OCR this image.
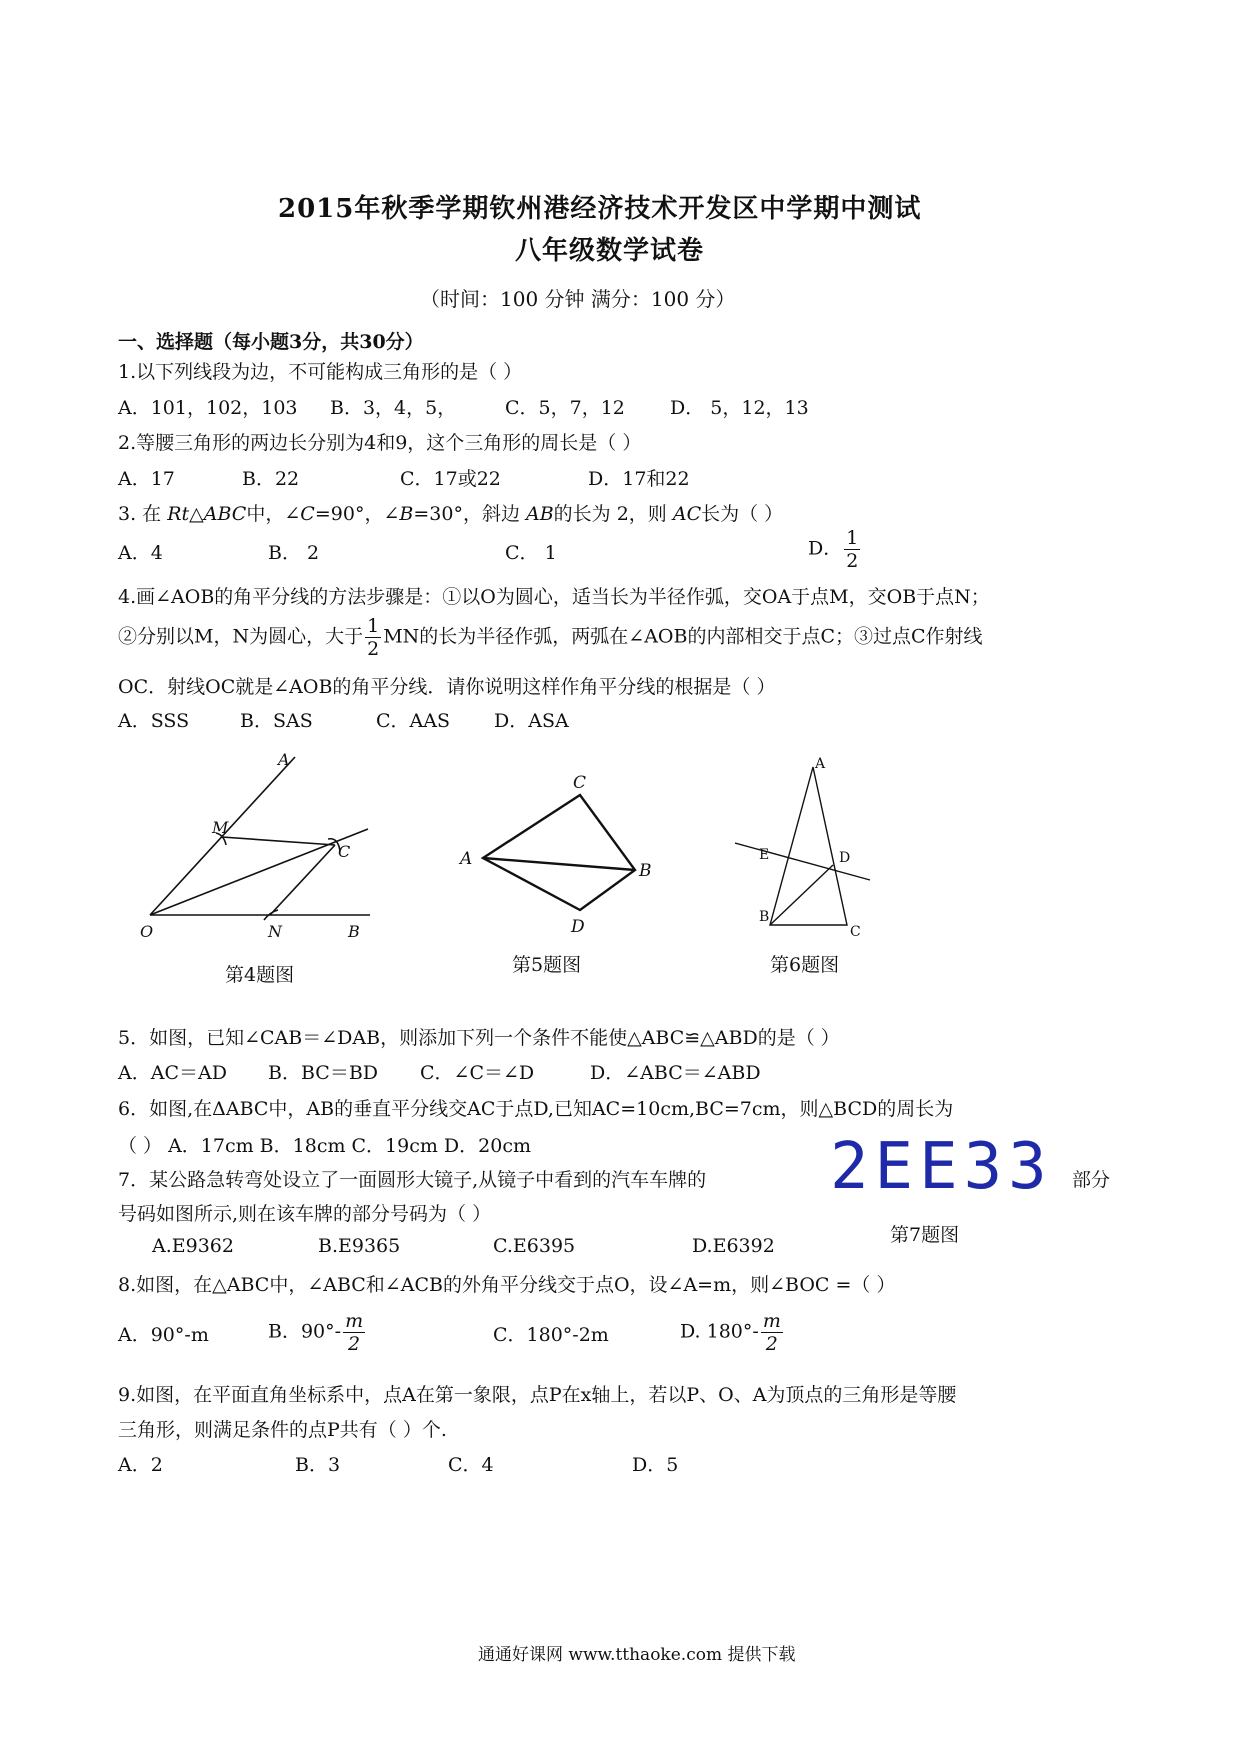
2015年秋季学期钦州港经济技术开发区中学期中测试
八年级数学试卷
（时间：100 分钟 满分：100 分）
一、选择题（每小题3分，共30分）
1.以下列线段为边，不可能构成三角形的是（ ）
A．101，102，103 B．3，4，5，	C．5，7，12 D． 5，12，13
2.等腰三角形的两边长分别为4和9，这个三角形的周长是（ ）
A．17	B．22	C．17或22	D．17和22
3. 在 Rt△ABC中，∠C=90°，∠B=30°，斜边 AB的长为 2，则 AC长为（ ）
A．4	B． 2	C． 1	D． $\frac{1}{2}$
4.画∠AOB的角平分线的方法步骤是：①以O为圆心，适当长为半径作弧，交OA于点M，交OB于点N；
②分别以M，N为圆心，大于 $\frac{1}{2}$ MN的长为半径作弧，两弧在∠AOB的内部相交于点C；③过点C作射线
OC．射线OC就是∠AOB的角平分线．请你说明这样作角平分线的根据是（ ）
A．SSS	B．SAS	C．AAS D．ASA
A
M
C
O	N	B
第4题图
A
C
B
D
第5题图
A
B
C
D
E
第6题图
5．如图，已知∠CAB＝∠DAB，则添加下列一个条件不能使△ABC≌△ABD的是（ ）
A．AC＝AD B．BC＝BD C．∠C＝∠D	D．∠ABC＝∠ABD
6．如图,在ΔABC中，AB的垂直平分线交AC于点D,已知AC=10cm,BC=7cm，则△BCD的周长为
（ ） A．17cm B．18cm C．19cm D．20cm
7．某公路急转弯处设立了一面圆形大镜子,从镜子中看到的汽车车牌的 2EE33 部分
号码如图所示,则在该车牌的部分号码为（ ）
第7题图
A.E9362	B.E9365	C.E6395	D.E6392
8.如图，在△ABC中，∠ABC和∠ACB的外角平分线交于点O，设∠A=m，则∠BOC =（ ）
A．90°-m	B．$90^\circ- \frac{m}{2}$	C．180°-2m	D. $180^\circ- \frac{m}{2}$
9.如图，在平面直角坐标系中，点A在第一象限，点P在x轴上，若以P、O、A为顶点的三角形是等腰
三角形，则满足条件的点P共有（ ）个.
A．2	B．3	C．4	D．5
通通好课网 www.tthaoke.com 提供下载
